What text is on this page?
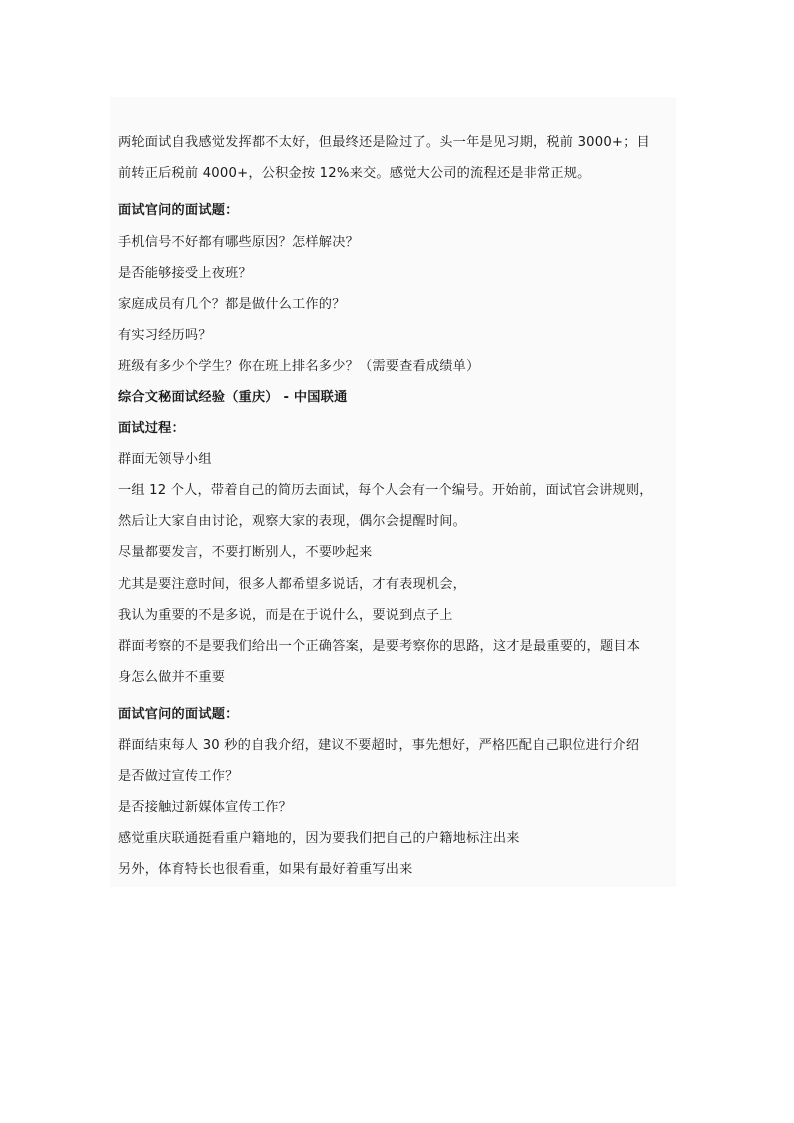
两轮面试自我感觉发挥都不太好，但最终还是险过了。头一年是见习期，税前 3000+；目
前转正后税前 4000+，公积金按 12%来交。感觉大公司的流程还是非常正规。
面试官问的面试题：
手机信号不好都有哪些原因？怎样解决？
是否能够接受上夜班？
家庭成员有几个？都是做什么工作的？
有实习经历吗？
班级有多少个学生？你在班上排名多少？（需要查看成绩单）
综合文秘面试经验（重庆） - 中国联通
面试过程：
群面无领导小组
一组 12 个人，带着自己的简历去面试，每个人会有一个编号。开始前，面试官会讲规则，
然后让大家自由讨论，观察大家的表现，偶尔会提醒时间。
尽量都要发言，不要打断别人，不要吵起来
尤其是要注意时间，很多人都希望多说话，才有表现机会，
我认为重要的不是多说，而是在于说什么，要说到点子上
群面考察的不是要我们给出一个正确答案，是要考察你的思路，这才是最重要的，题目本
身怎么做并不重要
面试官问的面试题：
群面结束每人 30 秒的自我介绍，建议不要超时，事先想好，严格匹配自己职位进行介绍
是否做过宣传工作？
是否接触过新媒体宣传工作？
感觉重庆联通挺看重户籍地的，因为要我们把自己的户籍地标注出来
另外，体育特长也很看重，如果有最好着重写出来
